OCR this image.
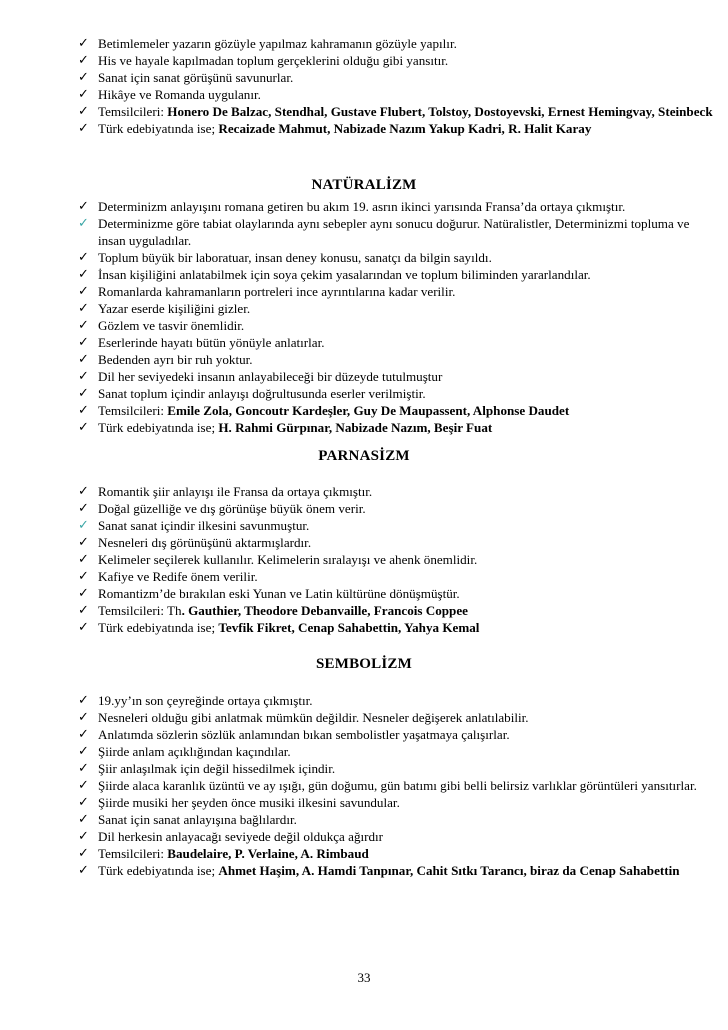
✓ Betimlemeler yazarın gözüyle yapılmaz kahramanın gözüyle yapılır.
✓ His ve hayale kapılmadan toplum gerçeklerini olduğu gibi yansıtır.
✓ Sanat için sanat görüşünü savunurlar.
✓ Hikâye ve Romanda uygulanır.
✓ Temsilcileri: Honero De Balzac, Stendhal, Gustave Flubert, Tolstoy, Dostoyevski, Ernest Hemingvay, Steinbeck
✓ Türk edebiyatında ise; Recaizade Mahmut, Nabizade Nazım Yakup Kadri, R. Halit Karay
NATÜRALİZM
✓ Determinizm anlayışını romana getiren bu akım 19. asrın ikinci yarısında Fransa’da ortaya çıkmıştır.
✓ Determinizme göre tabiat olaylarında aynı sebepler aynı sonucu doğurur. Natüralistler, Determinizmi topluma ve insan uyguladılar.
✓ Toplum büyük bir laboratuar, insan deney konusu, sanatçı da bilgin sayıldı.
✓ İnsan kişiliğini anlatabilmek için soya çekim yasalarından ve toplum biliminden yararlandılar.
✓ Romanlarda kahramanların portreleri ince ayrıntılarına kadar verilir.
✓ Yazar eserde kişiliğini gizler.
✓ Gözlem ve tasvir önemlidir.
✓ Eserlerinde hayatı bütün yönüyle anlatırlar.
✓ Bedenden ayrı bir ruh yoktur.
✓ Dil her seviyedeki insanın anlayabileceği bir düzeyde tutulmuştur
✓ Sanat toplum içindir anlayışı doğrultusunda eserler verilmiştir.
✓ Temsilcileri: Emile Zola, Goncoutr Kardeşler, Guy De Maupassent, Alphonse Daudet
✓ Türk edebiyatında ise; H. Rahmi Gürpınar, Nabizade Nazım, Beşir Fuat
PARNASİZM
✓ Romantik şiir anlayışı ile Fransa da ortaya çıkmıştır.
✓ Doğal güzelliğe ve dış görünüşe büyük önem verir.
✓ Sanat sanat içindir ilkesini savunmuştur.
✓ Nesneleri dış görünüşünü aktarmışlardır.
✓ Kelimeler seçilerek kullanılır. Kelimelerin sıralayışı ve ahenk önemlidir.
✓ Kafiye ve Redife önem verilir.
✓ Romantizm’de bırakılan eski Yunan ve Latin kültürüne dönüşmüştür.
✓ Temsilcileri: Th. Gauthier, Theodore Debanvaille, Francois Coppee
✓ Türk edebiyatında ise; Tevfik Fikret, Cenap Sahabettin, Yahya Kemal
SEMBOLİZM
✓ 19.yy’ın son çeyreğinde ortaya çıkmıştır.
✓ Nesneleri olduğu gibi anlatmak mümkün değildir. Nesneler değişerek anlatılabilir.
✓ Anlatımda sözlerin sözlük anlamından bıkan sembolistler yaşatmaya çalışırlar.
✓ Şiirde anlam açıklığından kaçındılar.
✓ Şiir anlaşılmak için değil hissedilmek içindir.
✓ Şiirde alaca karanlık üzüntü ve ay ışığı, gün doğumu, gün batımı gibi belli belirsiz varlıklar görüntüleri yansıtırlar.
✓ Şiirde musiki her şeyden önce musiki ilkesini savundular.
✓ Sanat için sanat anlayışına bağlılardır.
✓ Dil herkesin anlayacağı seviyede değil oldukça ağırdır
✓ Temsilcileri: Baudelaire, P. Verlaine, A. Rimbaud
✓ Türk edebiyatında ise; Ahmet Haşim, A. Hamdi Tanpınar, Cahit Sıtkı Tarancı, biraz da Cenap Sahabettin
33
